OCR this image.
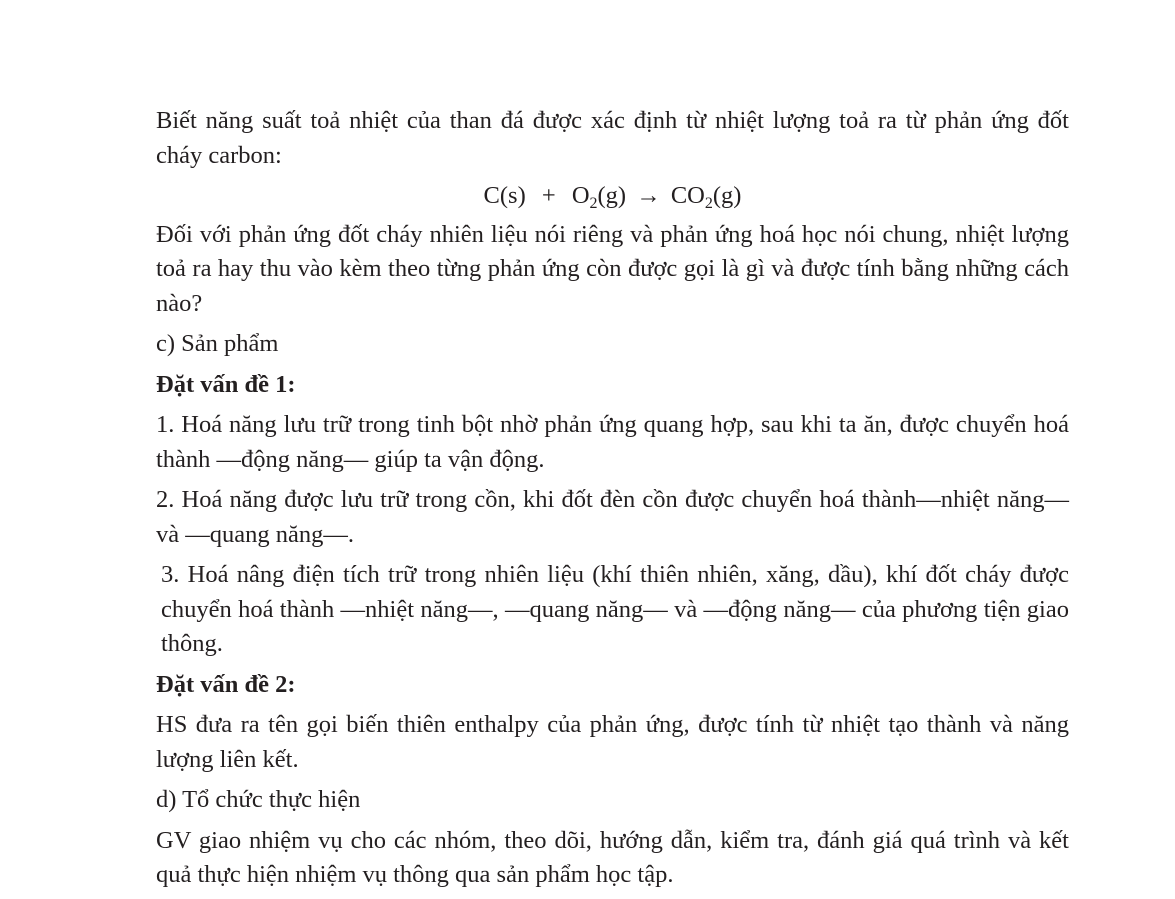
Biết năng suất toả nhiệt của than đá được xác định từ nhiệt lượng toả ra từ phản ứng đốt cháy carbon:

$C(s) + O_2(g) \to CO_2(g)$

Đối với phản ứng đốt cháy nhiên liệu nói riêng và phản ứng hoá học nói chung, nhiệt lượng toả ra hay thu vào kèm theo từng phản ứng còn được gọi là gì và được tính bằng những cách nào?

c) Sản phẩm

Đặt vấn đề 1:

1. Hoá năng lưu trữ trong tinh bột nhờ phản ứng quang hợp, sau khi ta ăn, được chuyển hoá thành —động năng— giúp ta vận động.

2. Hoá năng được lưu trữ trong cồn, khi đốt đèn cồn được chuyển hoá thành—nhiệt năng— và —quang năng—.

3. Hoá nâng điện tích trữ trong nhiên liệu (khí thiên nhiên, xăng, dầu), khí đốt cháy được chuyển hoá thành —nhiệt năng—, —quang năng— và —động năng— của phương tiện giao thông.

Đặt vấn đề 2:

HS đưa ra tên gọi biến thiên enthalpy của phản ứng, được tính từ nhiệt tạo thành và năng lượng liên kết.

d) Tổ chức thực hiện

GV giao nhiệm vụ cho các nhóm, theo dõi, hướng dẫn, kiểm tra, đánh giá quá trình và kết quả thực hiện nhiệm vụ thông qua sản phẩm học tập.
